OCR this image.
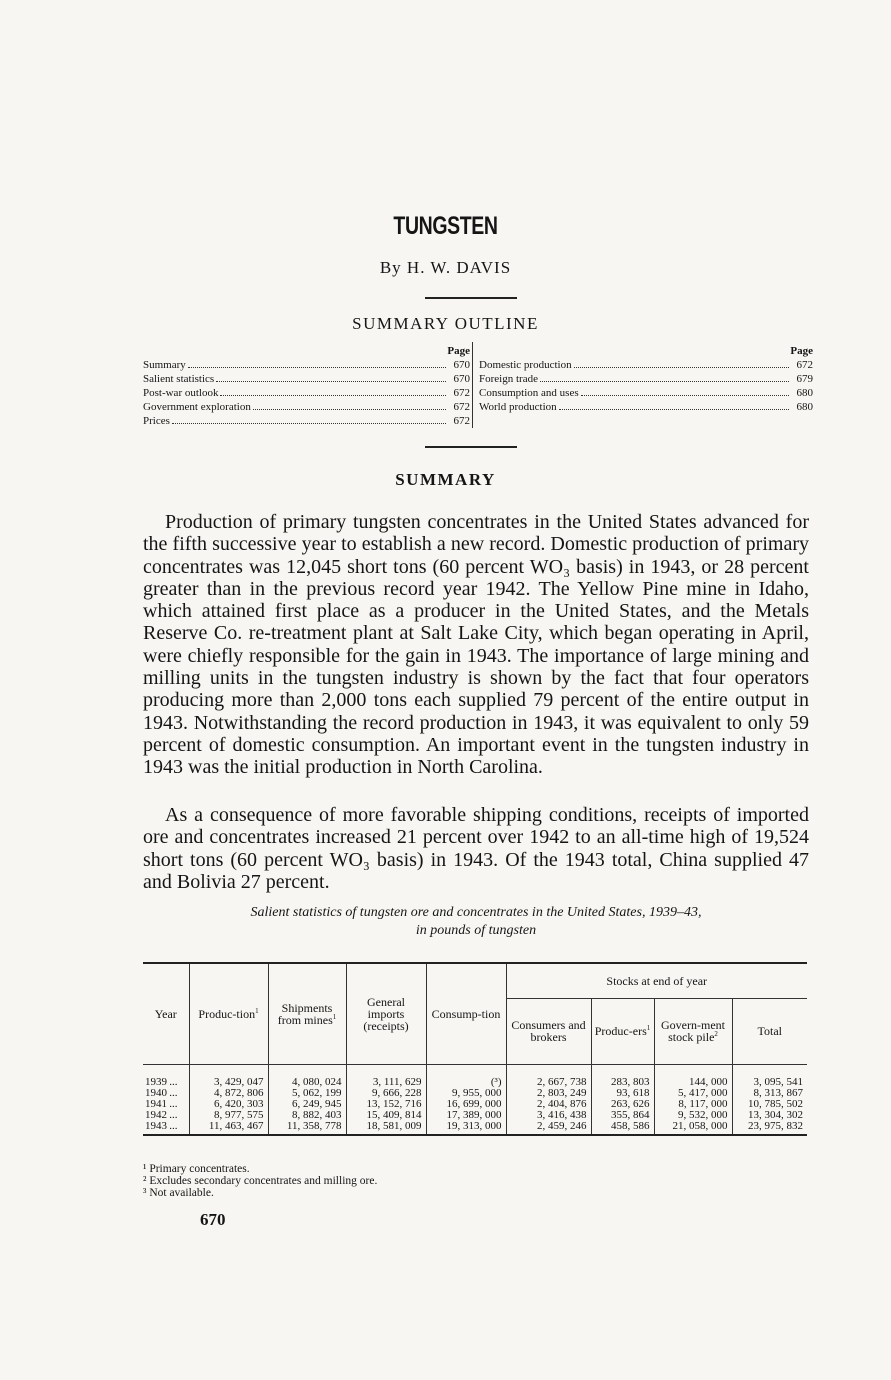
TUNGSTEN
By H. W. DAVIS
SUMMARY OUTLINE
Page
Summary	670
Salient statistics	670
Post-war outlook	672
Government exploration	672
Prices	672
Page
Domestic production	672
Foreign trade	679
Consumption and uses	680
World production	680
SUMMARY

Production of primary tungsten concentrates in the United States advanced for the fifth successive year to establish a new record. Domestic production of primary concentrates was 12,045 short tons (60 percent WO₃ basis) in 1943, or 28 percent greater than in the previous record year 1942. The Yellow Pine mine in Idaho, which attained first place as a producer in the United States, and the Metals Reserve Co. re-treatment plant at Salt Lake City, which began operating in April, were chiefly responsible for the gain in 1943. The importance of large mining and milling units in the tungsten industry is shown by the fact that four operators producing more than 2,000 tons each supplied 79 percent of the entire output in 1943. Notwithstanding the record production in 1943, it was equivalent to only 59 percent of domestic consumption. An important event in the tungsten industry in 1943 was the initial production in North Carolina.

As a consequence of more favorable shipping conditions, receipts of imported ore and concentrates increased 21 percent over 1942 to an all-time high of 19,524 short tons (60 percent WO₃ basis) in 1943. Of the 1943 total, China supplied 47 and Bolivia 27 percent.

Salient statistics of tungsten ore and concentrates in the United States, 1939–43,
in pounds of tungsten
Year	Produc-tion$^1$	Shipments from mines$^1$	General imports (receipts)	Consump-tion	Stocks at end of year			
					Consumers and brokers	Produc-ers$^1$	Govern-ment stock pile$^2$	Total
1939 ...	3, 429, 047	4, 080, 024	3, 111, 629	(³)	2, 667, 738	283, 803	144, 000	3, 095, 541
1940 ...	4, 872, 806	5, 062, 199	9, 666, 228	9, 955, 000	2, 803, 249	93, 618	5, 417, 000	8, 313, 867
1941 ...	6, 420, 303	6, 249, 945	13, 152, 716	16, 699, 000	2, 404, 876	263, 626	8, 117, 000	10, 785, 502
1942 ...	8, 977, 575	8, 882, 403	15, 409, 814	17, 389, 000	3, 416, 438	355, 864	9, 532, 000	13, 304, 302
1943 ...	11, 463, 467	11, 358, 778	18, 581, 009	19, 313, 000	2, 459, 246	458, 586	21, 058, 000	23, 975, 832
¹ Primary concentrates.
² Excludes secondary concentrates and milling ore.
³ Not available.
670
